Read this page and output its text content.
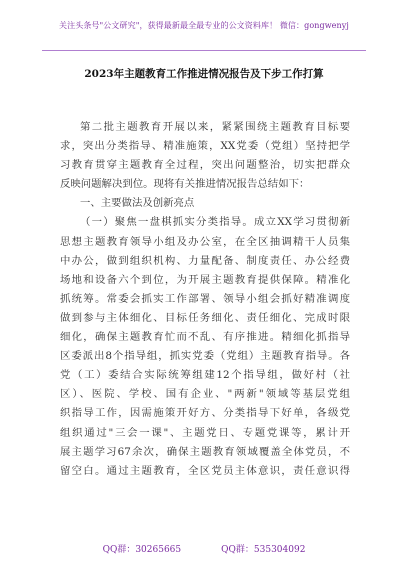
关注头条号"公文研究"，获得最新最全最专业的公文资料库！ 微信：gongwenyj
2023年主题教育工作推进情况报告及下步工作打算
第二批主题教育开展以来，紧紧围绕主题教育目标要
求，突出分类指导、精准施策，XX党委（党组）坚持把学
习教育贯穿主题教育全过程，突出问题整治，切实把群众
反映问题解决到位。现将有关推进情况报告总结如下：
一、主要做法及创新亮点
（一）聚焦一盘棋抓实分类指导。成立XX学习贯彻新
思想主题教育领导小组及办公室，在全区抽调精干人员集
中办公，做到组织机构、力量配备、制度责任、办公经费
场地和设备六个到位，为开展主题教育提供保障。精准化
抓统筹。常委会抓实工作部署、领导小组会抓好精准调度
做到参与主体细化、目标任务细化、责任细化、完成时限
细化，确保主题教育忙而不乱、有序推进。精细化抓指导
区委派出8个指导组，抓实党委（党组）主题教育指导。各
党（工）委结合实际统筹组建12个指导组，做好村（社
区）、医院、学校、国有企业、"两新"领域等基层党组
织指导工作，因需施策开好方、分类指导下好单，各级党
组织通过"三会一课"、主题党日、专题党课等，累计开
展主题学习67余次，确保主题教育领域覆盖全体党员，不
留空白。通过主题教育，全区党员主体意识，责任意识得
QQ群：30265665	QQ群：535304092
